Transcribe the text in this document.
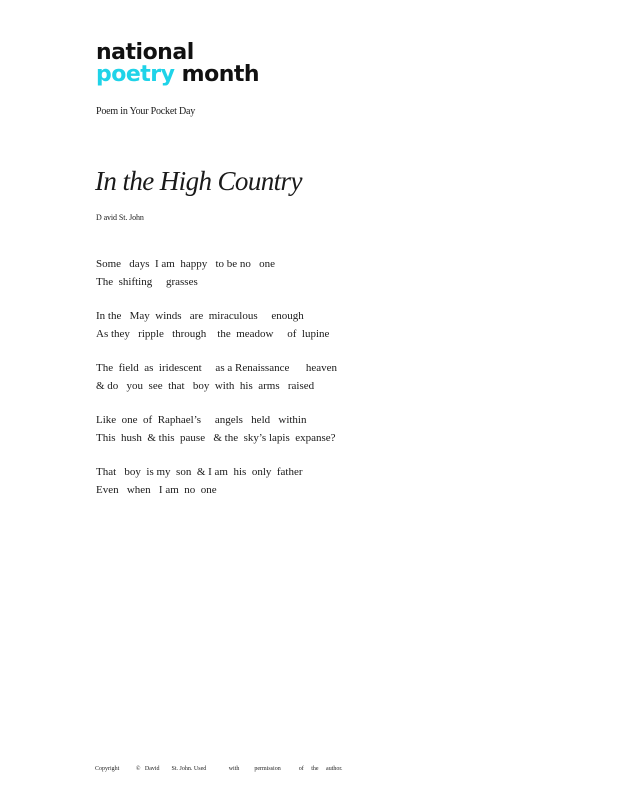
national
poetry month
Poem in Your Pocket Day
In the High Country
D avid St. John
Some   days  I am  happy   to be no   one
The  shifting     grasses
In the   May  winds   are  miraculous     enough
As they   ripple   through    the  meadow     of  lupine
The  field  as  iridescent     as a Renaissance      heaven
& do   you  see  that   boy  with  his  arms   raised
Like  one  of  Raphael’s     angels   held   within
This  hush  & this  pause   & the  sky’s lapis  expanse?
That   boy  is my  son  & I am  his  only  father
Even   when   I am  no  one
Copyright           ©   David        St. John. Used               with          permission            of     the     author.
